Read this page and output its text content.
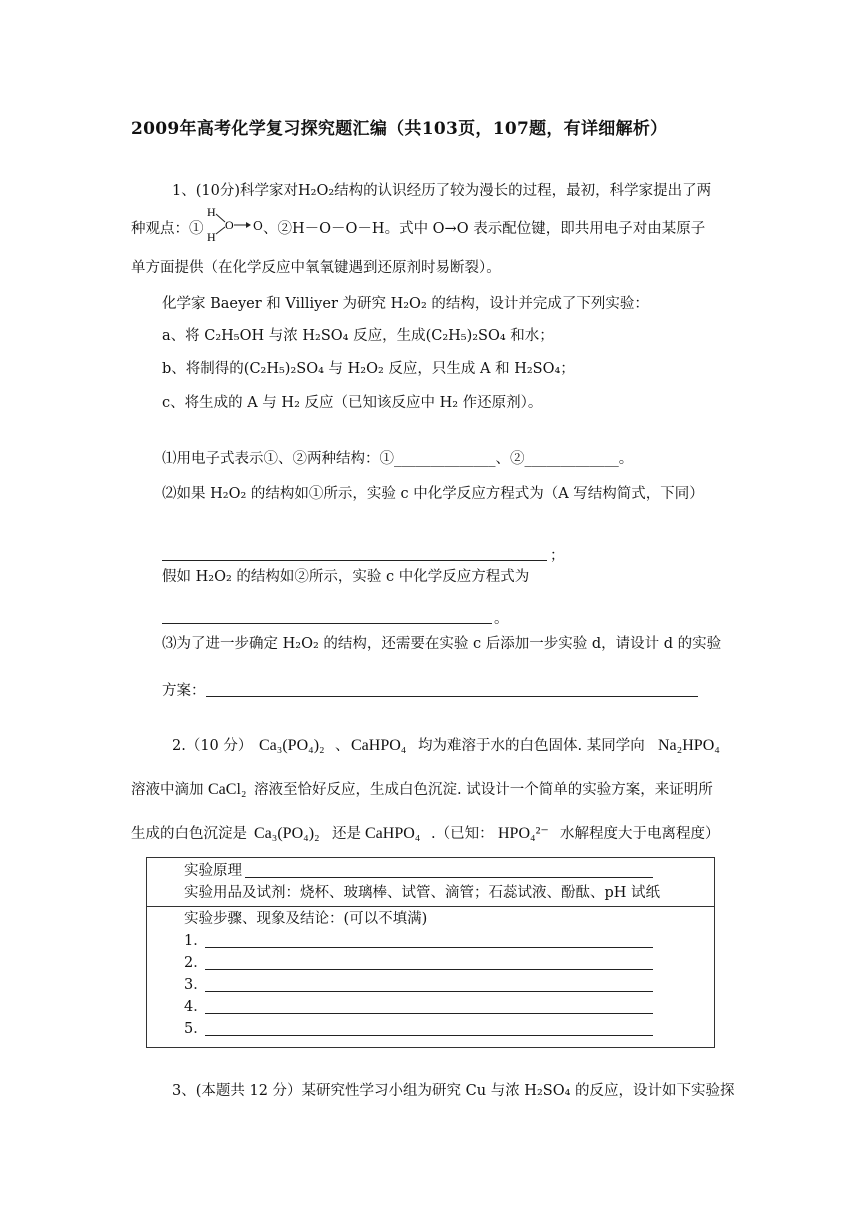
2009年高考化学复习探究题汇编（共103页，107题，有详细解析）
1、(10分)科学家对H₂O₂结构的认识经历了较为漫长的过程，最初，科学家提出了两
种观点：①
H
H
O O 、②H－O－O－H。式中 O→O 表示配位键，即共用电子对由某原子
单方面提供（在化学反应中氧氧键遇到还原剂时易断裂）。
化学家 Baeyer 和 Villiyer 为研究 H₂O₂ 的结构，设计并完成了下列实验：
a、将 C₂H₅OH 与浓 H₂SO₄ 反应，生成(C₂H₅)₂SO₄ 和水；
b、将制得的(C₂H₅)₂SO₄ 与 H₂O₂ 反应，只生成 A 和 H₂SO₄；
c、将生成的 A 与 H₂ 反应（已知该反应中 H₂ 作还原剂）。
⑴用电子式表示①、②两种结构：①______________、②_____________。
⑵如果 H₂O₂ 的结构如①所示，实验 c 中化学反应方程式为（A 写结构简式，下同）
；
假如 H₂O₂ 的结构如②所示，实验 c 中化学反应方程式为
。
⑶为了进一步确定 H₂O₂ 的结构，还需要在实验 c 后添加一步实验 d，请设计 d 的实验
方案：
2.（10 分） Ca₃(PO₄)₂ 、 CaHPO₄ 均为难溶于水的白色固体. 某同学向 Na₂HPO₄
溶液中滴加 CaCl₂ 溶液至恰好反应，生成白色沉淀. 试设计一个简单的实验方案，来证明所
生成的白色沉淀是 Ca₃(PO₄)₂ 还是 CaHPO₄ .（已知： HPO₄²⁻ 水解程度大于电离程度）
实验原理
实验用品及试剂：烧杯、玻璃棒、试管、滴管；石蕊试液、酚酞、pH 试纸
实验步骤、现象及结论：(可以不填满)
1．
2．
3．
4．
5．
3、(本题共 12 分）某研究性学习小组为研究 Cu 与浓 H₂SO₄ 的反应，设计如下实验探
